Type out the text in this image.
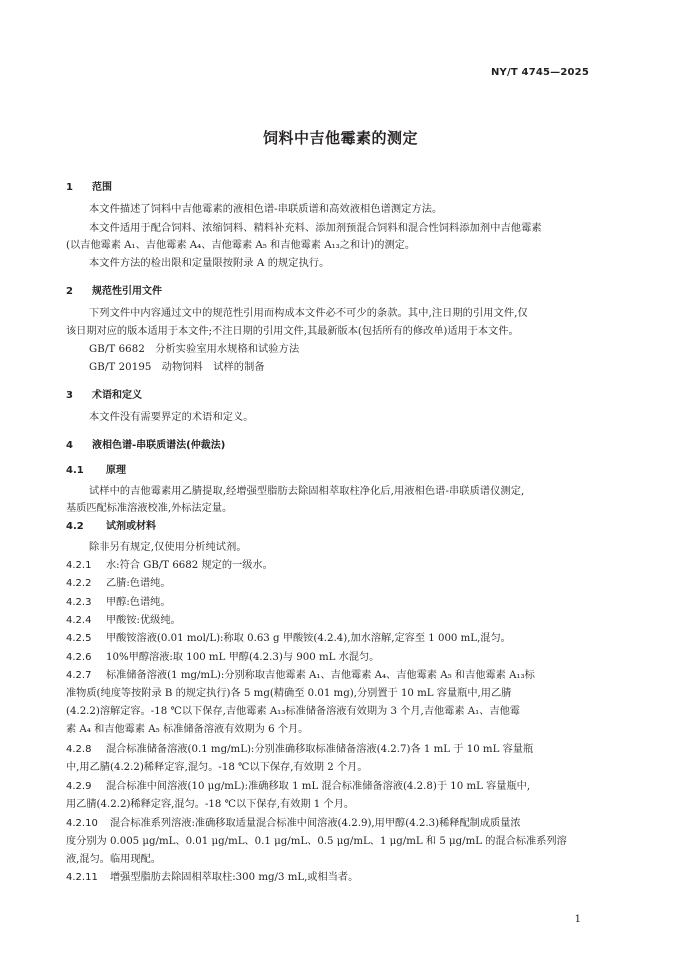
NY/T 4745—2025
饲料中吉他霉素的测定
1 范围
本文件描述了饲料中吉他霉素的液相色谱-串联质谱和高效液相色谱测定方法。
本文件适用于配合饲料、浓缩饲料、精料补充料、添加剂预混合饲料和混合性饲料添加剂中吉他霉素
(以吉他霉素 A₁、吉他霉素 A₄、吉他霉素 A₅ 和吉他霉素 A₁₃之和计)的测定。
本文件方法的检出限和定量限按附录 A 的规定执行。
2 规范性引用文件
下列文件中内容通过文中的规范性引用而构成本文件必不可少的条款。其中,注日期的引用文件,仅
该日期对应的版本适用于本文件;不注日期的引用文件,其最新版本(包括所有的修改单)适用于本文件。
GB/T 6682　分析实验室用水规格和试验方法
GB/T 20195　动物饲料　试样的制备
3 术语和定义
本文件没有需要界定的术语和定义。
4 液相色谱-串联质谱法(仲裁法)
4.1 原理
试样中的吉他霉素用乙腈提取,经增强型脂肪去除固相萃取柱净化后,用液相色谱-串联质谱仪测定,
基质匹配标准溶液校准,外标法定量。
4.2 试剂或材料
除非另有规定,仅使用分析纯试剂。
4.2.1 水:符合 GB/T 6682 规定的一级水。
4.2.2 乙腈:色谱纯。
4.2.3 甲醇:色谱纯。
4.2.4 甲酸铵:优级纯。
4.2.5 甲酸铵溶液(0.01 mol/L):称取 0.63 g 甲酸铵(4.2.4),加水溶解,定容至 1 000 mL,混匀。
4.2.6 10%甲醇溶液:取 100 mL 甲醇(4.2.3)与 900 mL 水混匀。
4.2.7 标准储备溶液(1 mg/mL):分别称取吉他霉素 A₁、吉他霉素 A₄、吉他霉素 A₅ 和吉他霉素 A₁₃标
准物质(纯度等按附录 B 的规定执行)各 5 mg(精确至 0.01 mg),分别置于 10 mL 容量瓶中,用乙腈
(4.2.2)溶解定容。-18 ℃以下保存,吉他霉素 A₁₃标准储备溶液有效期为 3 个月,吉他霉素 A₁、吉他霉
素 A₄ 和吉他霉素 A₅ 标准储备溶液有效期为 6 个月。
4.2.8 混合标准储备溶液(0.1 mg/mL):分别准确移取标准储备溶液(4.2.7)各 1 mL 于 10 mL 容量瓶
中,用乙腈(4.2.2)稀释定容,混匀。-18 ℃以下保存,有效期 2 个月。
4.2.9 混合标准中间溶液(10 μg/mL):准确移取 1 mL 混合标准储备溶液(4.2.8)于 10 mL 容量瓶中,
用乙腈(4.2.2)稀释定容,混匀。-18 ℃以下保存,有效期 1 个月。
4.2.10 混合标准系列溶液:准确移取适量混合标准中间溶液(4.2.9),用甲醇(4.2.3)稀释配制成质量浓
度分别为 0.005 μg/mL、0.01 μg/mL、0.1 μg/mL、0.5 μg/mL、1 μg/mL 和 5 μg/mL 的混合标准系列溶
液,混匀。临用现配。
4.2.11 增强型脂肪去除固相萃取柱:300 mg/3 mL,或相当者。
1
